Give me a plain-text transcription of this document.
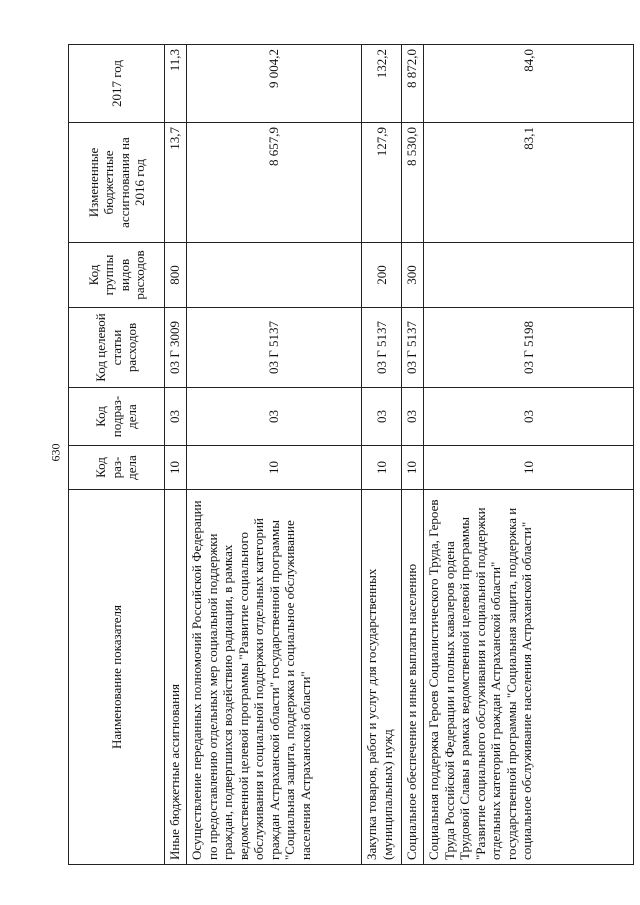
630
Наименование показателя	Код раз-дела	Код подраз-дела	Код целевой статьи расходов	Код группы видов расходов	Измененные бюджетные ассигнования на 2016 год	2017 год
Иные бюджетные ассигнования	10	03	03 Г 3009	800	13,7	11,3
Осуществление переданных полномочий Российской Федерации по предоставлению отдельных мер социальной поддержки граждан, подвергшихся воздействию радиации, в рамках ведомственной целевой программы "Развитие социального обслуживания и социальной поддержки отдельных категорий граждан Астраханской области" государственной программы "Социальная защита, поддержка и социальное обслуживание населения Астраханской области"	10	03	03 Г 5137		8 657,9	9 004,2
Закупка товаров, работ и услуг для государственных (муниципальных) нужд	10	03	03 Г 5137	200	127,9	132,2
Социальное обеспечение и иные выплаты населению	10	03	03 Г 5137	300	8 530,0	8 872,0
Социальная поддержка Героев Социалистического Труда, Героев Труда Российской Федерации и полных кавалеров ордена Трудовой Славы в рамках ведомственной целевой программы "Развитие социального обслуживания и социальной поддержки отдельных категорий граждан Астраханской области" государственной программы "Социальная защита, поддержка и социальное обслуживание населения Астраханской области"	10	03	03 Г 5198		83,1	84,0
